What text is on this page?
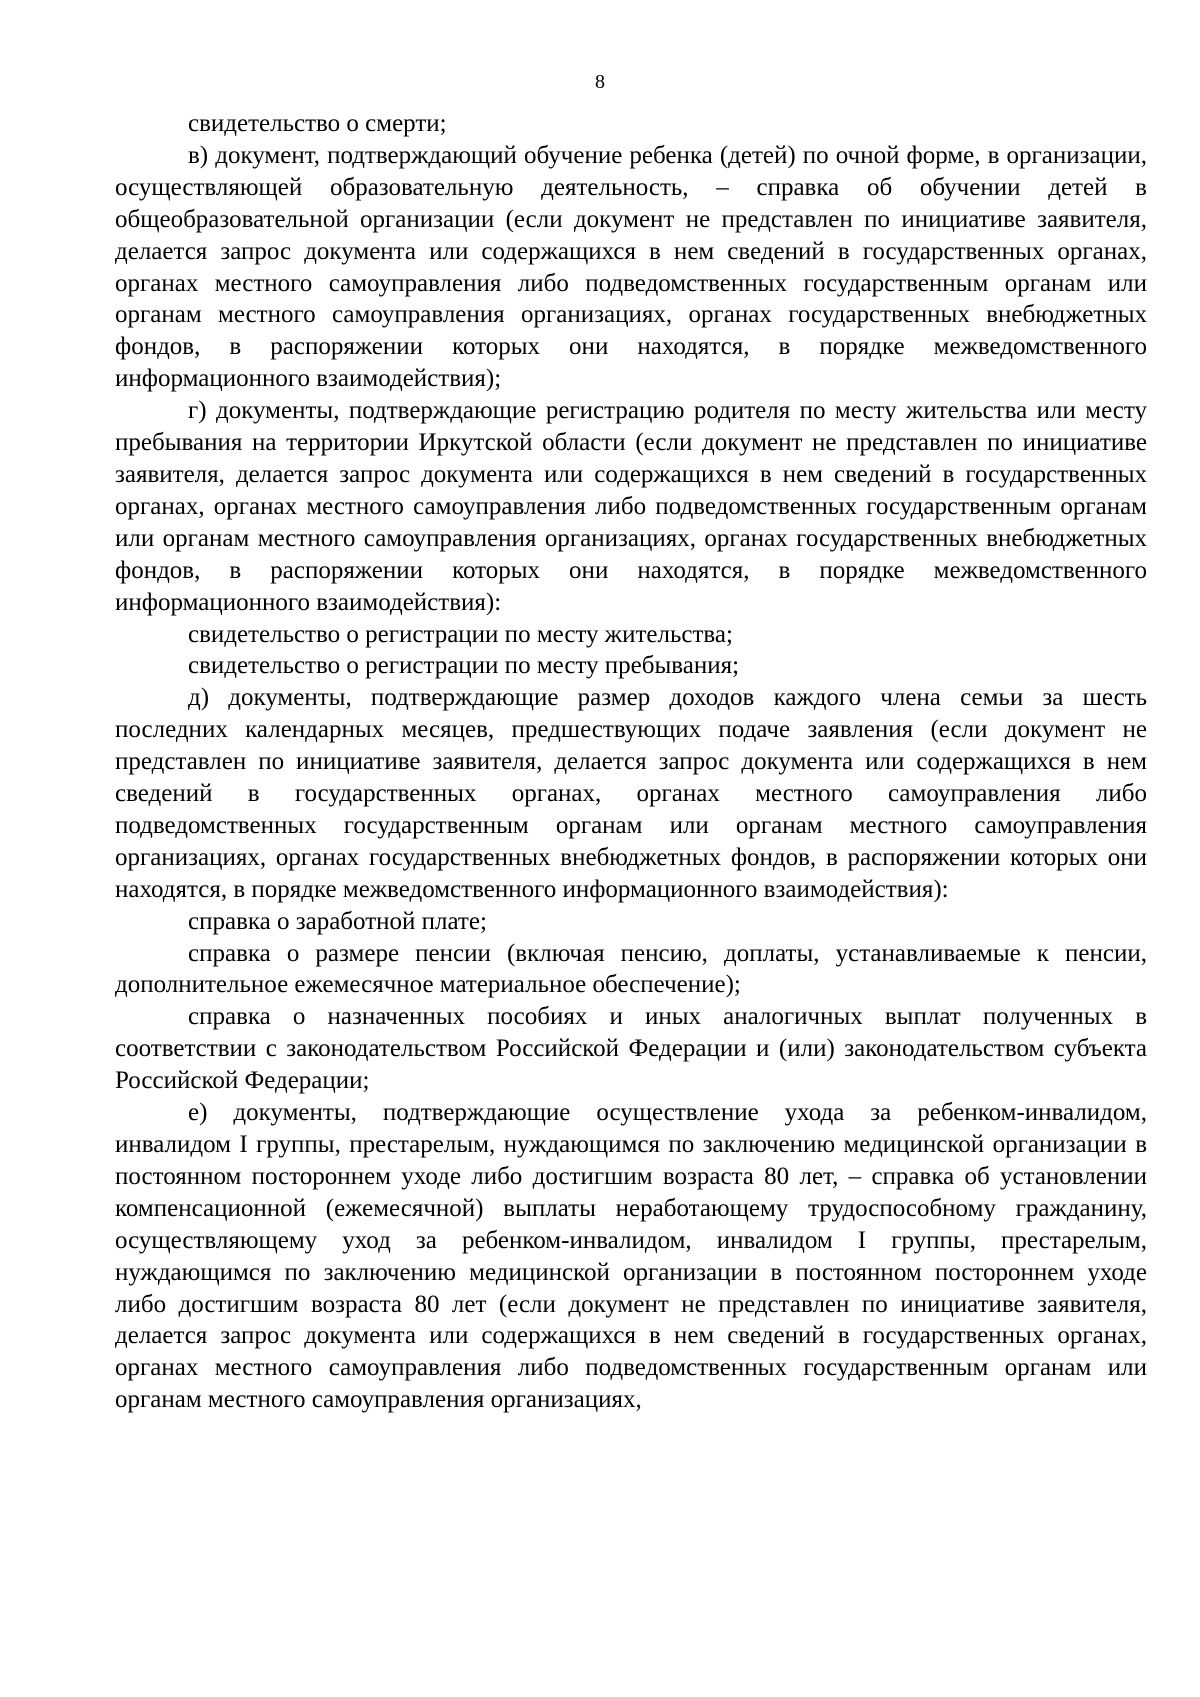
8

свидетельство о смерти;

в) документ, подтверждающий обучение ребенка (детей) по очной форме, в организации, осуществляющей образовательную деятельность, – справка об обучении детей в общеобразовательной организации (если документ не представлен по инициативе заявителя, делается запрос документа или содержащихся в нем сведений в государственных органах, органах местного самоуправления либо подведомственных государственным органам или органам местного самоуправления организациях, органах государственных внебюджетных фондов, в распоряжении которых они находятся, в порядке межведомственного информационного взаимодействия);

г) документы, подтверждающие регистрацию родителя по месту жительства или месту пребывания на территории Иркутской области (если документ не представлен по инициативе заявителя, делается запрос документа или содержащихся в нем сведений в государственных органах, органах местного самоуправления либо подведомственных государственным органам или органам местного самоуправления организациях, органах государственных внебюджетных фондов, в распоряжении которых они находятся, в порядке межведомственного информационного взаимодействия):

свидетельство о регистрации по месту жительства;

свидетельство о регистрации по месту пребывания;

д) документы, подтверждающие размер доходов каждого члена семьи за шесть последних календарных месяцев, предшествующих подаче заявления (если документ не представлен по инициативе заявителя, делается запрос документа или содержащихся в нем сведений в государственных органах, органах местного самоуправления либо подведомственных государственным органам или органам местного самоуправления организациях, органах государственных внебюджетных фондов, в распоряжении которых они находятся, в порядке межведомственного информационного взаимодействия):

справка о заработной плате;

справка о размере пенсии (включая пенсию, доплаты, устанавливаемые к пенсии, дополнительное ежемесячное материальное обеспечение);

справка о назначенных пособиях и иных аналогичных выплат полученных в соответствии с законодательством Российской Федерации и (или) законодательством субъекта Российской Федерации;

е) документы, подтверждающие осуществление ухода за ребенком-инвалидом, инвалидом I группы, престарелым, нуждающимся по заключению медицинской организации в постоянном постороннем уходе либо достигшим возраста 80 лет, – справка об установлении компенсационной (ежемесячной) выплаты неработающему трудоспособному гражданину, осуществляющему уход за ребенком-инвалидом, инвалидом I группы, престарелым, нуждающимся по заключению медицинской организации в постоянном постороннем уходе либо достигшим возраста 80 лет (если документ не представлен по инициативе заявителя, делается запрос документа или содержащихся в нем сведений в государственных органах, органах местного самоуправления либо подведомственных государственным органам или органам местного самоуправления организациях,
